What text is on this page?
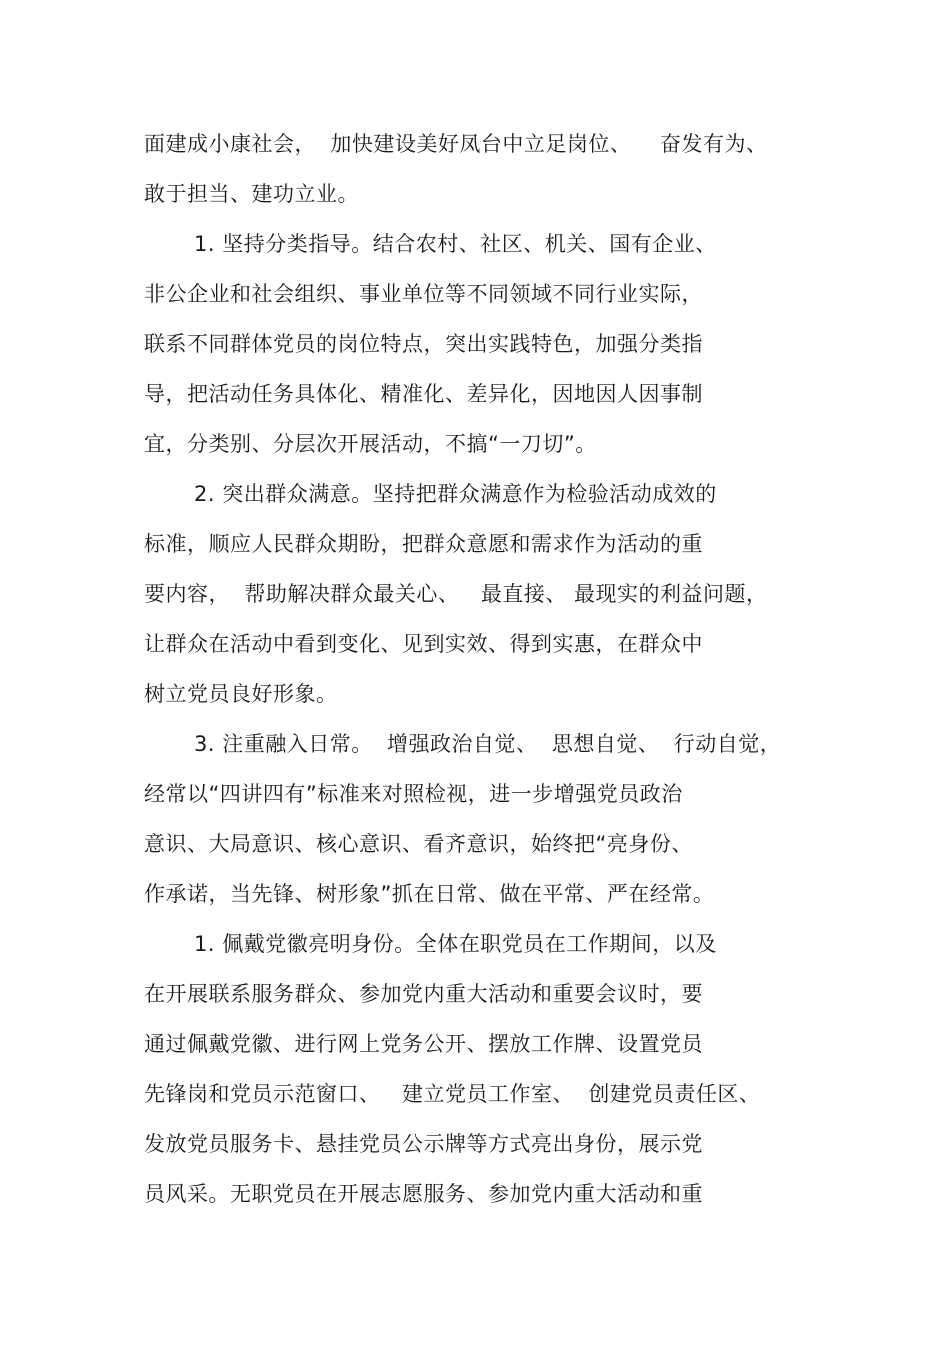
面建成小康社会，  加快建设美好凤台中立足岗位、    奋发有为、
敢于担当、建功立业。
1. 坚持分类指导。结合农村、社区、机关、国有企业、
非公企业和社会组织、事业单位等不同领域不同行业实际，
联系不同群体党员的岗位特点，突出实践特色，加强分类指
导，把活动任务具体化、精准化、差异化，因地因人因事制
宜，分类别、分层次开展活动，不搞“一刀切”。
2. 突出群众满意。坚持把群众满意作为检验活动成效的
标准，顺应人民群众期盼，把群众意愿和需求作为活动的重
要内容，  帮助解决群众最关心、   最直接、 最现实的利益问题，
让群众在活动中看到变化、见到实效、得到实惠，在群众中
树立党员良好形象。
3. 注重融入日常。  增强政治自觉、  思想自觉、  行动自觉，
经常以“四讲四有”标准来对照检视，进一步增强党员政治
意识、大局意识、核心意识、看齐意识，始终把“亮身份、
作承诺，当先锋、树形象”抓在日常、做在平常、严在经常。
1. 佩戴党徽亮明身份。全体在职党员在工作期间，以及
在开展联系服务群众、参加党内重大活动和重要会议时，要
通过佩戴党徽、进行网上党务公开、摆放工作牌、设置党员
先锋岗和党员示范窗口、   建立党员工作室、  创建党员责任区、
发放党员服务卡、悬挂党员公示牌等方式亮出身份，展示党
员风采。无职党员在开展志愿服务、参加党内重大活动和重
